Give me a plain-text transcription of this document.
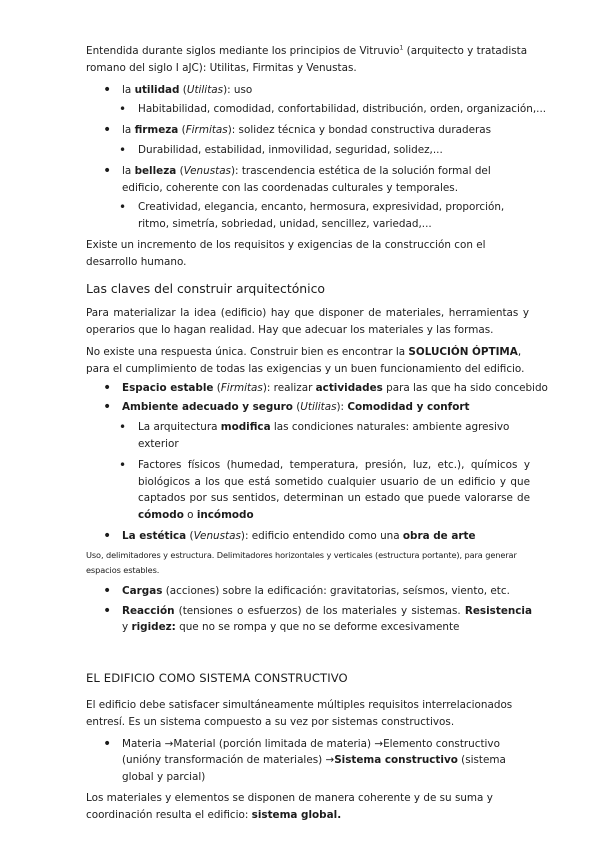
Entendida durante siglos mediante los principios de Vitruvio$^1$ (arquitecto y tratadista romano del siglo I aJC): Utilitas, Firmitas y Venustas.

• la utilidad (Utilitas): uso
• Habitabilidad, comodidad, confortabilidad, distribución, orden, organización,...
• la firmeza (Firmitas): solidez técnica y bondad constructiva duraderas
• Durabilidad, estabilidad, inmovilidad, seguridad, solidez,...
• la belleza (Venustas): trascendencia estética de la solución formal del edificio, coherente con las coordenadas culturales y temporales.
• Creatividad, elegancia, encanto, hermosura, expresividad, proporción, ritmo, simetría, sobriedad, unidad, sencillez, variedad,...

Existe un incremento de los requisitos y exigencias de la construcción con el desarrollo humano.

Las claves del construir arquitectónico

Para materializar la idea (edificio) hay que disponer de materiales, herramientas y operarios que lo hagan realidad. Hay que adecuar los materiales y las formas.

No existe una respuesta única. Construir bien es encontrar la SOLUCIÓN ÓPTIMA, para el cumplimiento de todas las exigencias y un buen funcionamiento del edificio.

• Espacio estable (Firmitas): realizar actividades para las que ha sido concebido
• Ambiente adecuado y seguro (Utilitas): Comodidad y confort
• La arquitectura modifica las condiciones naturales: ambiente agresivo exterior
• Factores físicos (humedad, temperatura, presión, luz, etc.), químicos y biológicos a los que está sometido cualquier usuario de un edificio y que captados por sus sentidos, determinan un estado que puede valorarse de cómodo o incómodo
• La estética (Venustas): edificio entendido como una obra de arte

Uso, delimitadores y estructura. Delimitadores horizontales y verticales (estructura portante), para generar espacios estables.

• Cargas (acciones) sobre la edificación: gravitatorias, seísmos, viento, etc.
• Reacción (tensiones o esfuerzos) de los materiales y sistemas. Resistencia y rigidez: que no se rompa y que no se deforme excesivamente
EL EDIFICIO COMO SISTEMA CONSTRUCTIVO

El edificio debe satisfacer simultáneamente múltiples requisitos interrelacionados entresí. Es un sistema compuesto a su vez por sistemas constructivos.

• Materia →Material (porción limitada de materia) →Elemento constructivo (unióny transformación de materiales) →Sistema constructivo (sistema global y parcial)

Los materiales y elementos se disponen de manera coherente y de su suma y coordinación resulta el edificio: sistema global.
